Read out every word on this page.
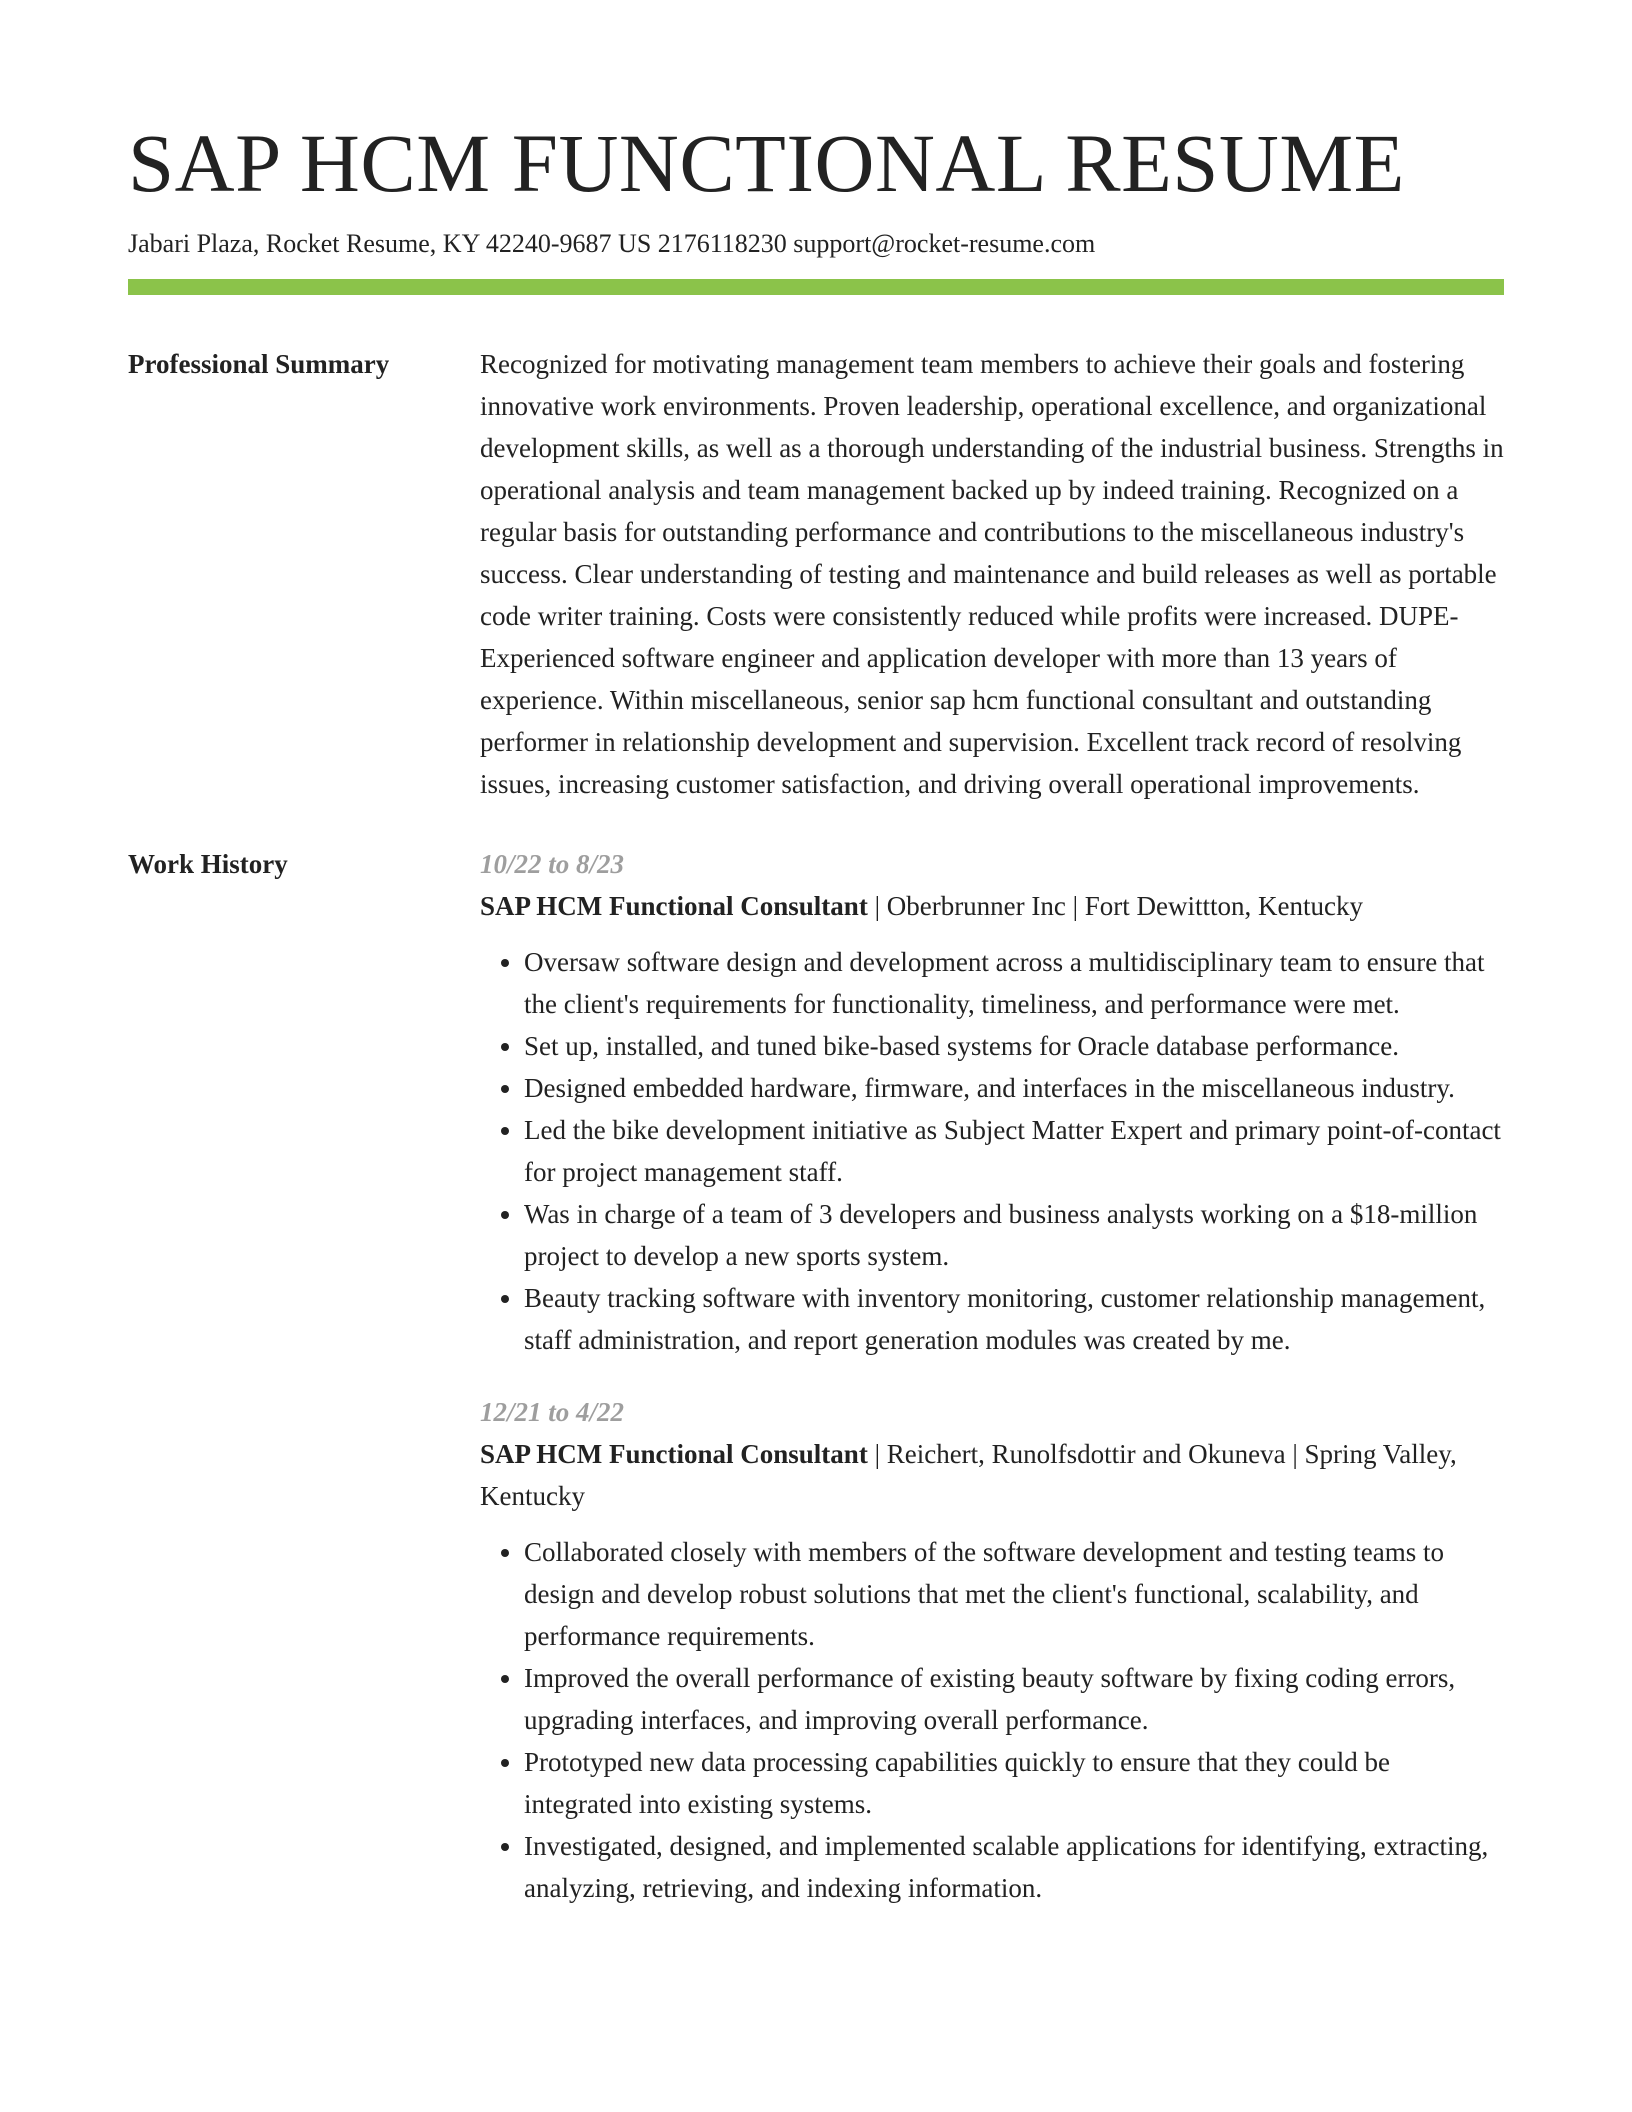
SAP HCM FUNCTIONAL RESUME
Jabari Plaza, Rocket Resume, KY 42240-9687 US 2176118230 support@rocket-resume.com
Professional Summary	Recognized for motivating management team members to achieve their goals and fostering innovative work environments. Proven leadership, operational excellence, and organizational development skills, as well as a thorough understanding of the industrial business. Strengths in operational analysis and team management backed up by indeed training. Recognized on a regular basis for outstanding performance and contributions to the miscellaneous industry's success. Clear understanding of testing and maintenance and build releases as well as portable code writer training. Costs were consistently reduced while profits were increased. DUPE- Experienced software engineer and application developer with more than 13 years of experience. Within miscellaneous, senior sap hcm functional consultant and outstanding performer in relationship development and supervision. Excellent track record of resolving issues, increasing customer satisfaction, and driving overall operational improvements.

Work History	10/22 to 8/23

SAP HCM Functional Consultant | Oberbrunner Inc | Fort Dewittton, Kentucky

• Oversaw software design and development across a multidisciplinary team to ensure that the client's requirements for functionality, timeliness, and performance were met.
• Set up, installed, and tuned bike-based systems for Oracle database performance.
• Designed embedded hardware, firmware, and interfaces in the miscellaneous industry.
• Led the bike development initiative as Subject Matter Expert and primary point-of-contact for project management staff.
• Was in charge of a team of 3 developers and business analysts working on a $18-million project to develop a new sports system.
• Beauty tracking software with inventory monitoring, customer relationship management, staff administration, and report generation modules was created by me.
12/21 to 4/22

SAP HCM Functional Consultant | Reichert, Runolfsdottir and Okuneva | Spring Valley, Kentucky

• Collaborated closely with members of the software development and testing teams to design and develop robust solutions that met the client's functional, scalability, and performance requirements.
• Improved the overall performance of existing beauty software by fixing coding errors, upgrading interfaces, and improving overall performance.
• Prototyped new data processing capabilities quickly to ensure that they could be integrated into existing systems.
• Investigated, designed, and implemented scalable applications for identifying, extracting, analyzing, retrieving, and indexing information.
